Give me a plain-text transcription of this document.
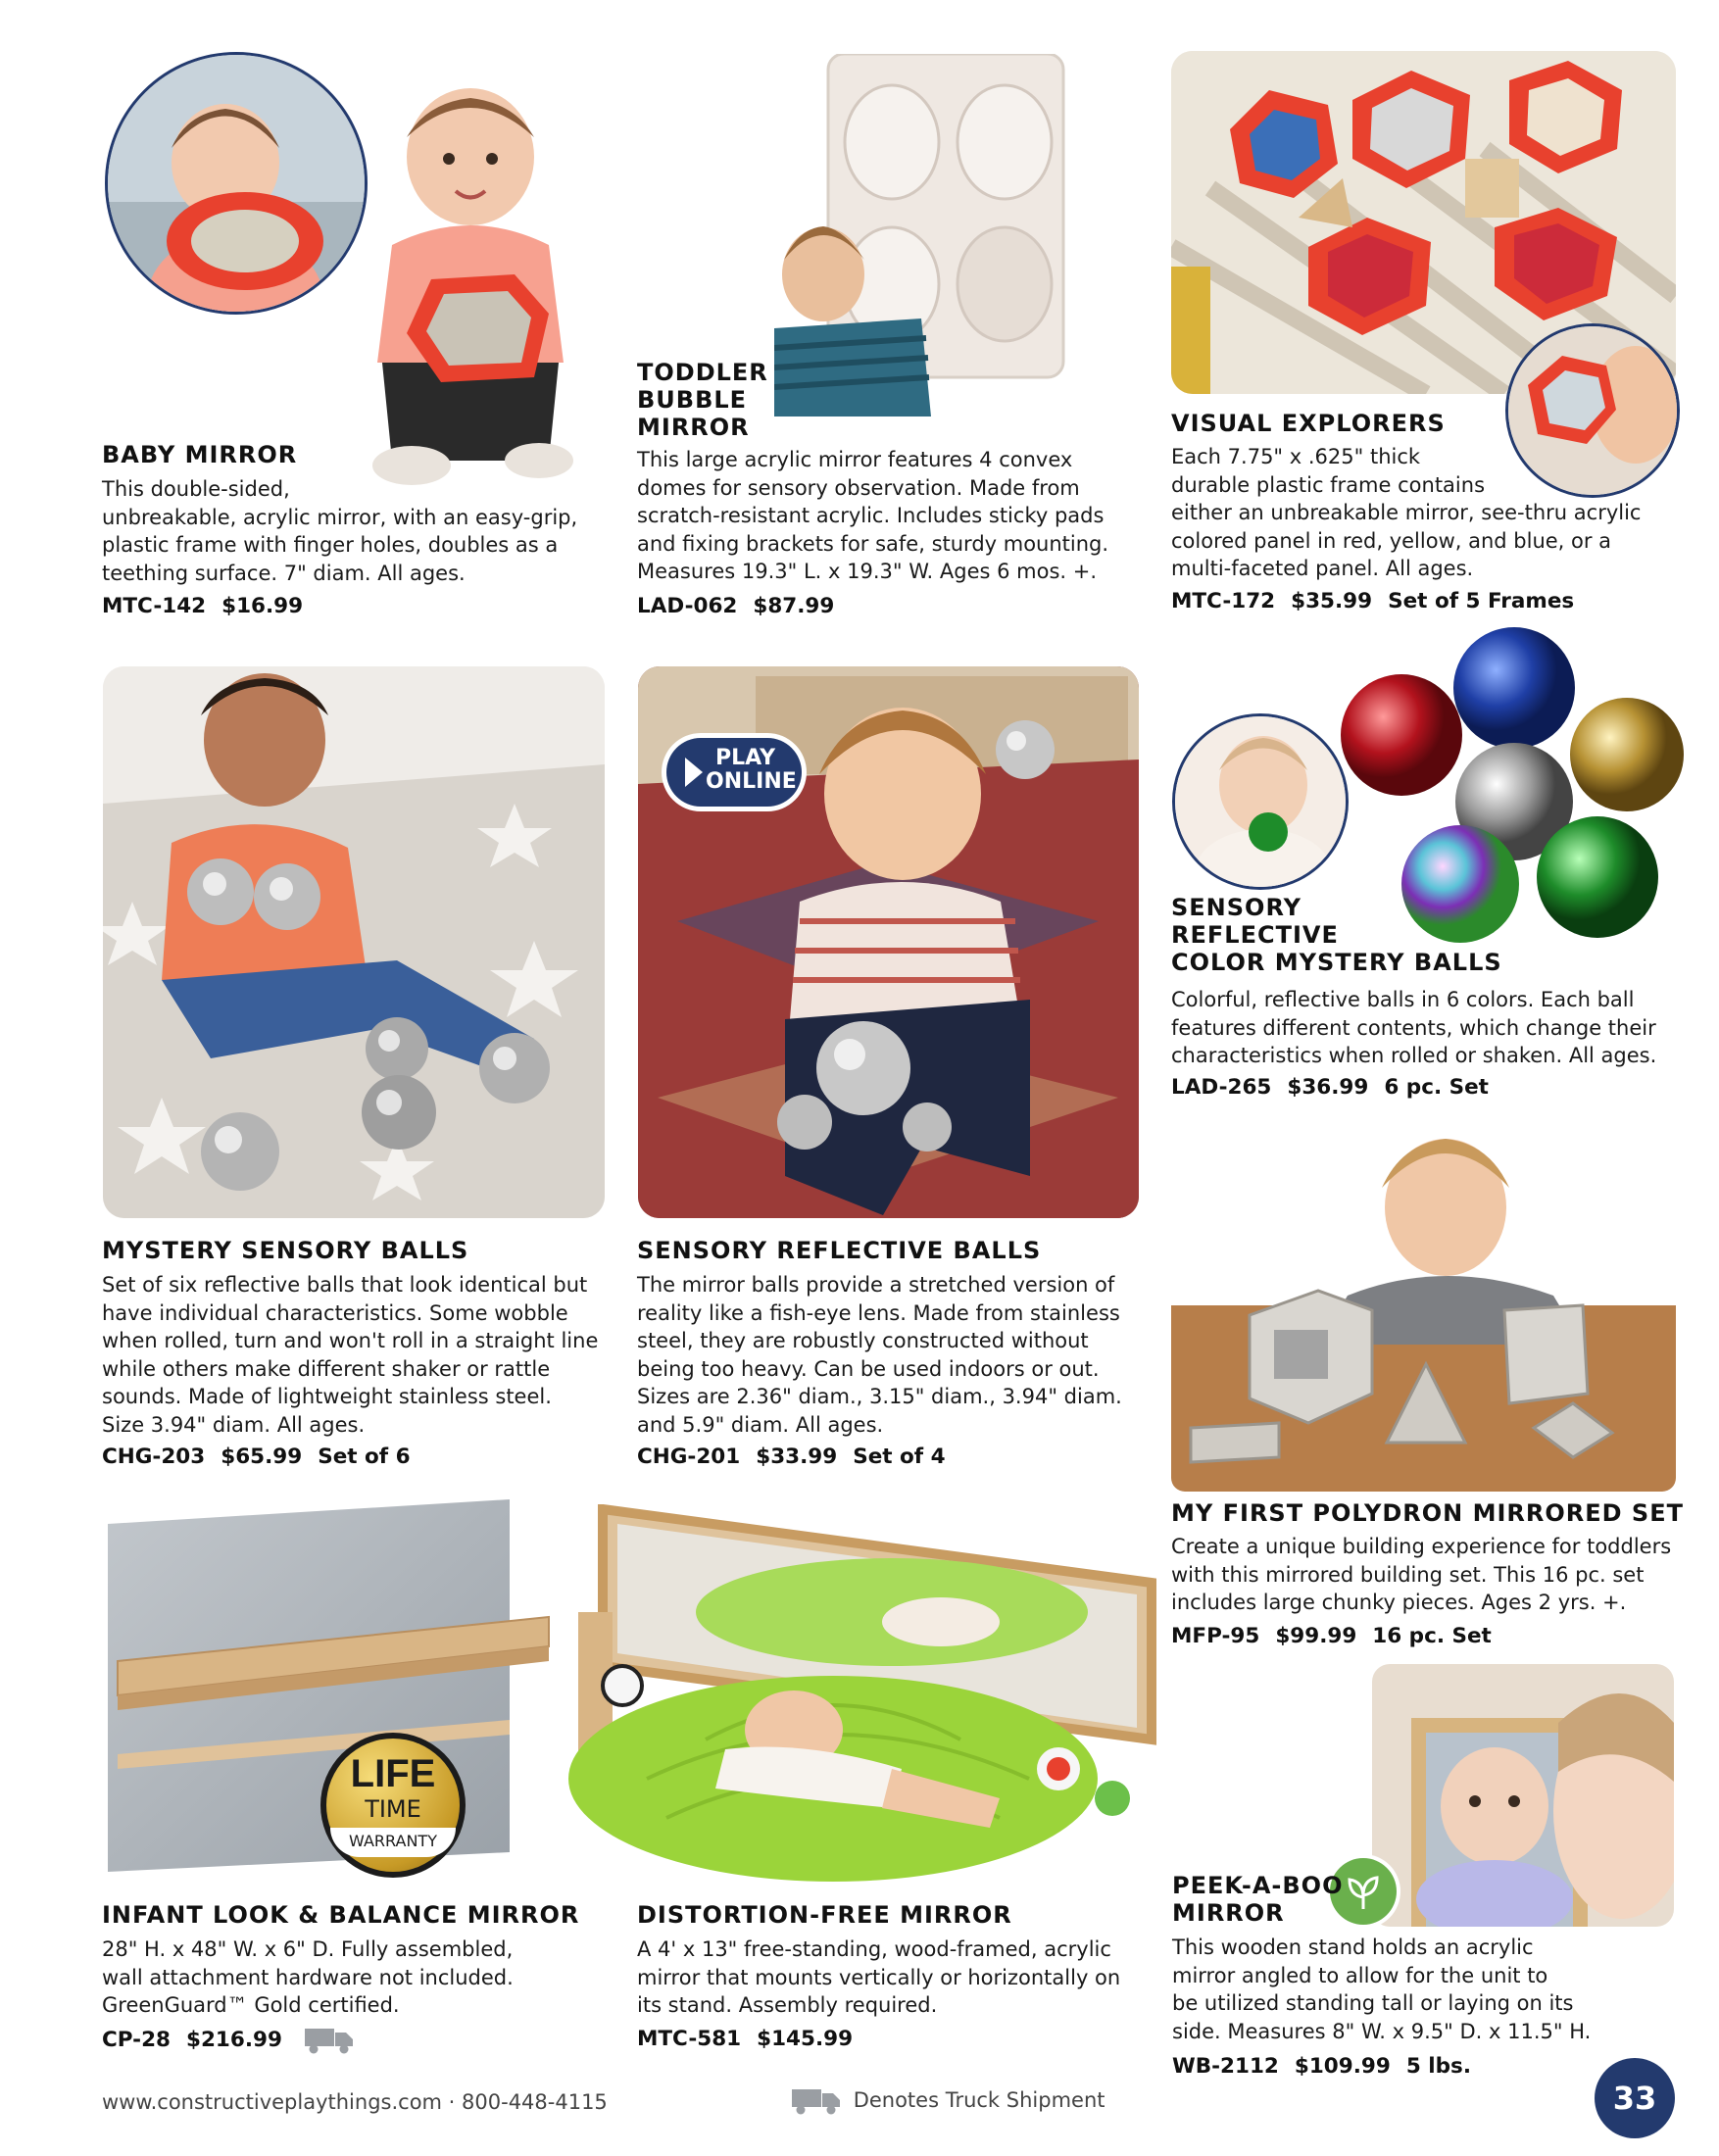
BABY MIRROR
This double-sided,
unbreakable, acrylic mirror, with an easy-grip,
plastic frame with finger holes, doubles as a
teething surface. 7" diam. All ages.
MTC-142 $16.99
TODDLER
BUBBLE
MIRROR
This large acrylic mirror features 4 convex
domes for sensory observation. Made from
scratch-resistant acrylic. Includes sticky pads
and fixing brackets for safe, sturdy mounting.
Measures 19.3" L. x 19.3" W. Ages 6 mos. +.
LAD-062 $87.99
VISUAL EXPLORERS
Each 7.75" x .625" thick
durable plastic frame contains
either an unbreakable mirror, see-thru acrylic
colored panel in red, yellow, and blue, or a
multi-faceted panel. All ages.
MTC-172 $35.99 Set of 5 Frames
MYSTERY SENSORY BALLS
Set of six reflective balls that look identical but
have individual characteristics. Some wobble
when rolled, turn and won't roll in a straight line
while others make different shaker or rattle
sounds. Made of lightweight stainless steel.
Size 3.94" diam. All ages.
CHG-203 $65.99 Set of 6
PLAY
ONLINE
SENSORY REFLECTIVE BALLS
The mirror balls provide a stretched version of
reality like a fish-eye lens. Made from stainless
steel, they are robustly constructed without
being too heavy. Can be used indoors or out.
Sizes are 2.36" diam., 3.15" diam., 3.94" diam.
and 5.9" diam. All ages.
CHG-201 $33.99 Set of 4
SENSORY
REFLECTIVE
COLOR MYSTERY BALLS
Colorful, reflective balls in 6 colors. Each ball
features different contents, which change their
characteristics when rolled or shaken. All ages.
LAD-265 $36.99 6 pc. Set
MY FIRST POLYDRON MIRRORED SET
Create a unique building experience for toddlers
with this mirrored building set. This 16 pc. set
includes large chunky pieces. Ages 2 yrs. +.
MFP-95 $99.99 16 pc. Set
LIFE
TIME
WARRANTY
INFANT LOOK & BALANCE MIRROR
28" H. x 48" W. x 6" D. Fully assembled,
wall attachment hardware not included.
GreenGuard™ Gold certified.
CP-28 $216.99
DISTORTION-FREE MIRROR
A 4' x 13" free-standing, wood-framed, acrylic
mirror that mounts vertically or horizontally on
its stand. Assembly required.
MTC-581 $145.99
PEEK-A-BOO
MIRROR
This wooden stand holds an acrylic
mirror angled to allow for the unit to
be utilized standing tall or laying on its
side. Measures 8" W. x 9.5" D. x 11.5" H.
WB-2112 $109.99 5 lbs.
www.constructiveplaythings.com · 800-448-4115	Denotes Truck Shipment	33
